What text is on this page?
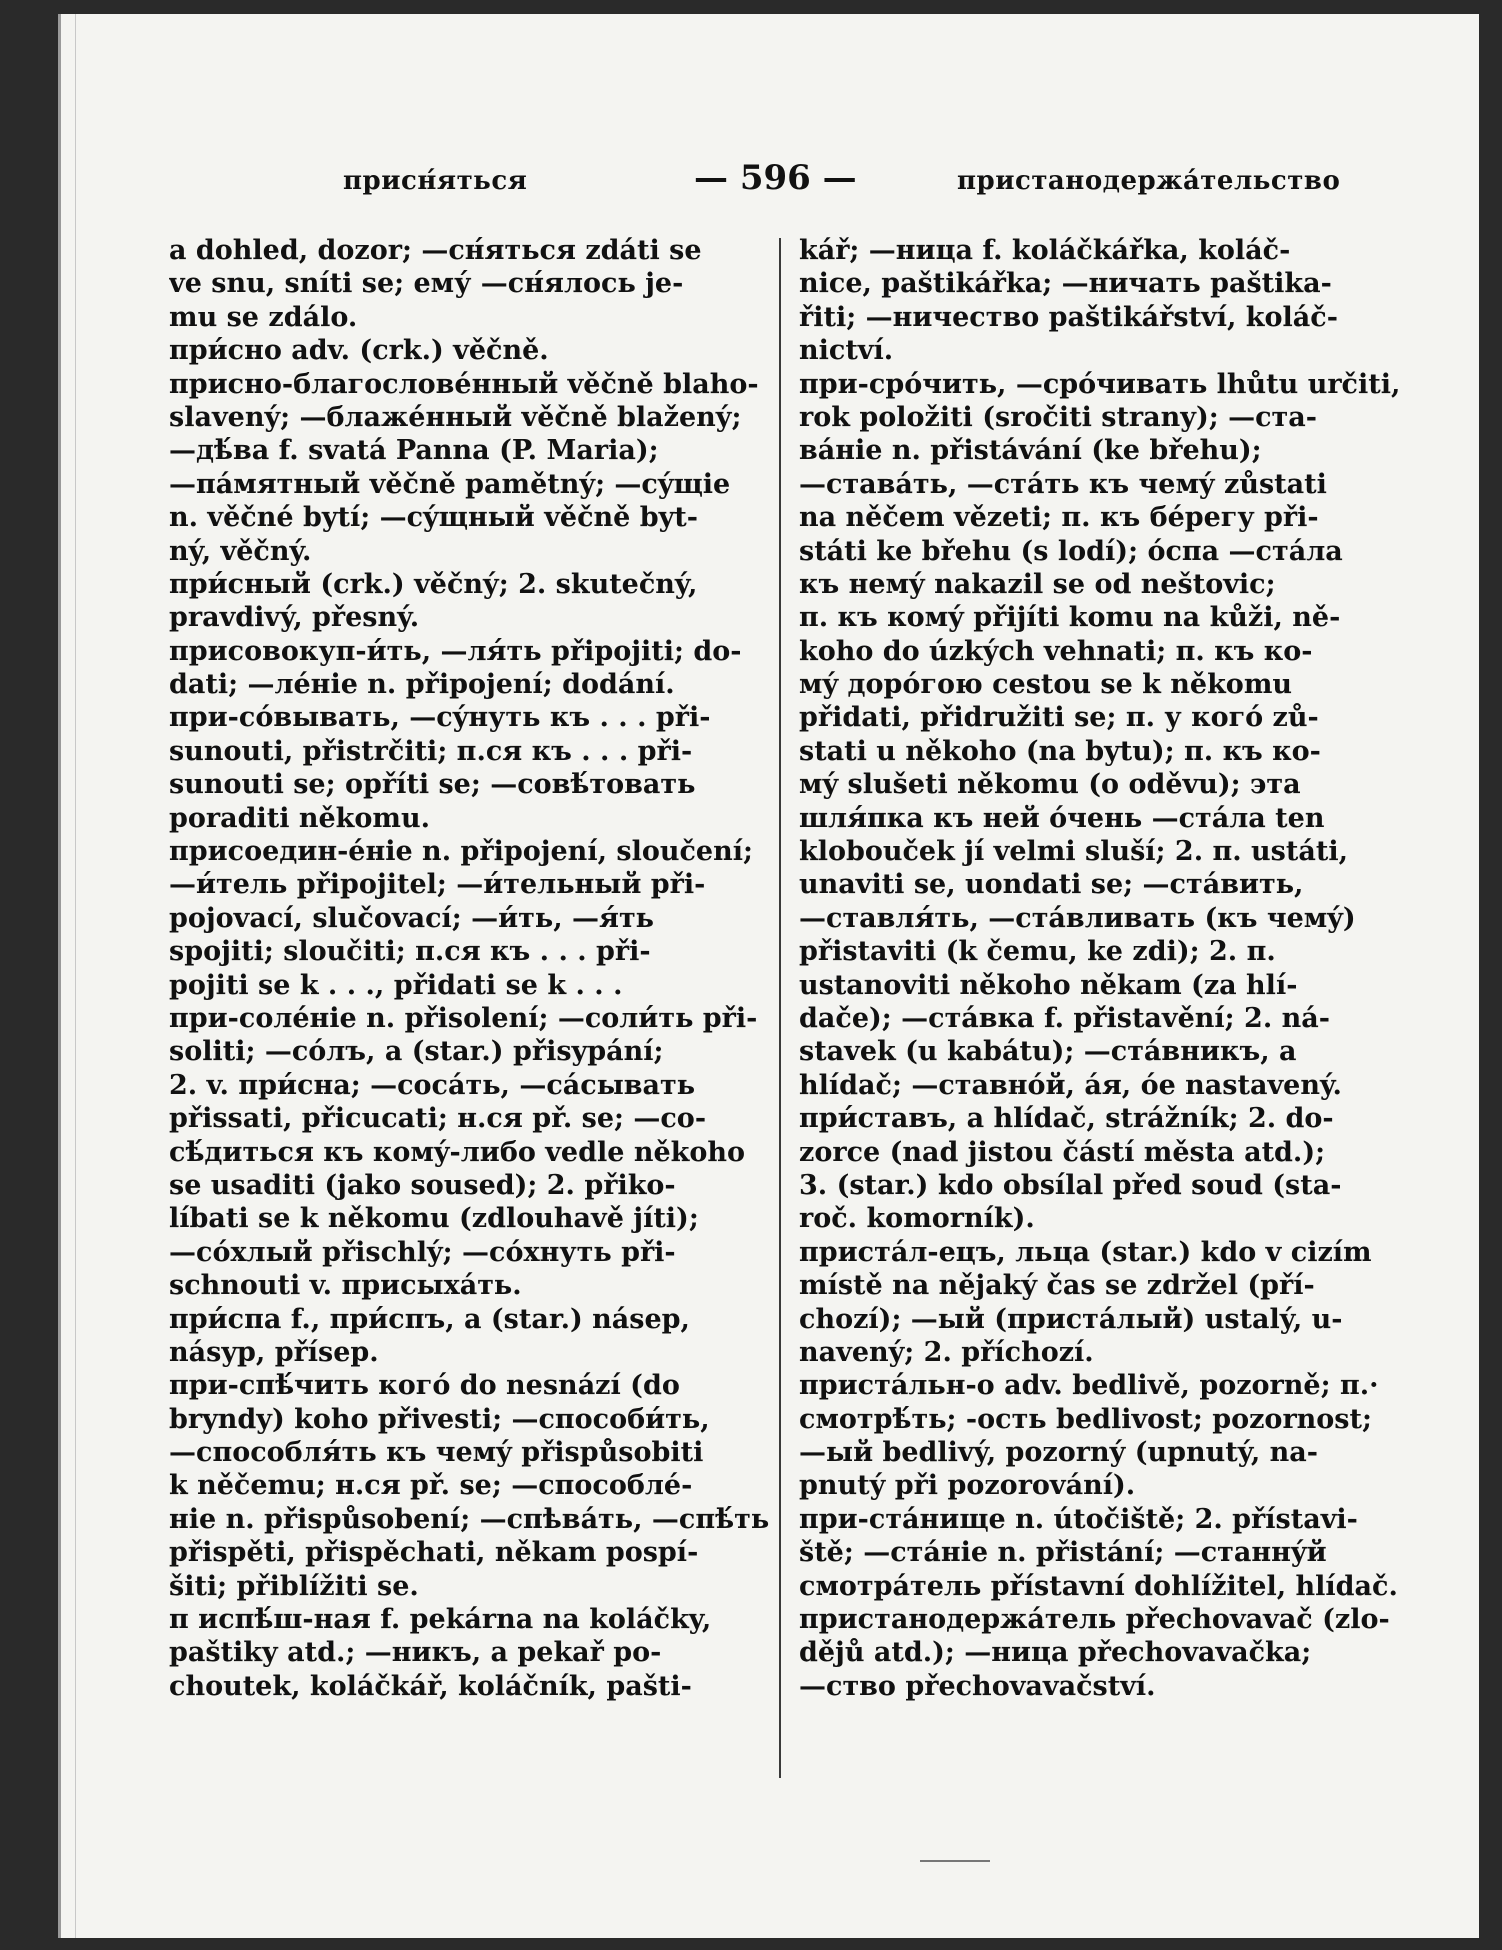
присн́яться	— 596 —	пристанодержáтельство
a dohled, dozor; —сн́яться zdáti se
ve snu, sníti se; ему́ —сн́ялось je-
mu se zdálo.
при́сно adv. (crk.) věčně.
присно-благословéнный věčně blaho-
slavený; —блажéнный věčně blažený;
—дѣ́ва f. svatá Panna (P. Maria);
—пáмятный věčně pamětný; —сýщіе
n. věčné bytí; —сýщный věčně byt-
ný, věčný.
при́сный (crk.) věčný; 2. skutečný,
pravdivý, přesný.
присовокуп-и́ть, —ля́ть připojiti; do-
dati; —лéніе n. připojení; dodání.
при-сóвывать, —сýнуть къ . . . při-
sunouti, přistrčiti; п.ся къ . . . při-
sunouti se; opříti se; —совѣ́товать
poraditi někomu.
присоедин-éніе n. připojení, sloučení;
—и́тель připojitel; —и́тельный při-
pojovací, slučovací; —и́ть, —я́ть
spojiti; sloučiti; п.ся къ . . . při-
pojiti se k . . ., přidati se k . . .
при-солéніе n. přisolení; —соли́ть při-
soliti; —сóлъ, a (star.) přisypání;
2. v. при́сна; —сосáть, —сáсывать
přissati, přicucati; н.ся př. se; —со-
сѣ́диться къ комý-либо vedle někoho
se usaditi (jako soused); 2. přiko-
líbati se k někomu (zdlouhavě jíti);
—сóхлый přischlý; —сóхнуть při-
schnouti v. присыхáть.
при́спа f., при́спъ, a (star.) násep,
násyp, přísep.
при-спѣ́чить когó do nesnází (do
bryndy) koho přivesti; —способи́ть,
—способля́ть къ чемý přispůsobiti
k něčemu; н.ся př. se; —способлé-
ніе n. přispůsobení; —спѣвáть, —спѣ́ть
přispěti, přispěchati, někam pospí-
šiti; přiblížiti se.
п испѣ́ш-ная f. pekárna na koláčky,
paštiky atd.; —никъ, a pekař po-
choutek, koláčkář, koláčník, pašti-
kář; —ница f. koláčkářka, koláč-
nice, paštikářka; —ничать paštika-
řiti; —ничество paštikářství, koláč-
nictví.
при-срóчить, —срóчивать lhůtu určiti,
rok položiti (sročiti strany); —ста-
вáніе n. přistávání (ke břehu);
—ставáть, —стáть къ чемý zůstati
na něčem vězeti; п. къ бéрегу při-
státi ke břehu (s lodí); óспа —стáла
къ немý nakazil se od neštovic;
п. къ комý přijíti komu na kůži, ně-
koho do úzkých vehnati; п. къ ко-
мý дорóгою cestou se k někomu
přidati, přidružiti se; п. у когó zů-
stati u někoho (na bytu); п. къ ко-
мý slušeti někomu (o oděvu); эта
шля́пка къ ней óчень —стáла ten
klobouček jí velmi sluší; 2. п. ustáti,
unaviti se, uondati se; —стáвить,
—ставля́ть, —стáвливать (къ чемý)
přistaviti (k čemu, ke zdi); 2. п.
ustanoviti někoho někam (za hlí-
dače); —стáвка f. přistavění; 2. ná-
stavek (u kabátu); —стáвникъ, a
hlídač; —ставнóй, áя, óе nastavený.
при́ставъ, a hlídač, strážník; 2. do-
zorce (nad jistou částí města atd.);
3. (star.) kdo obsílal před soud (sta-
roč. komorník).
пристáл-ецъ, льца (star.) kdo v cizím
místě na nějaký čas se zdržel (pří-
chozí); —ый (пристáлый) ustalý, u-
navený; 2. příchozí.
пристáльн-о adv. bedlivě, pozorně; п.·
смотрѣ́ть; -ость bedlivost; pozornost;
—ый bedlivý, pozorný (upnutý, na-
pnutý při pozorování).
при-стáнище n. útočiště; 2. přístavi-
ště; —стáніе n. přistání; —станнýй
смотрáтель přístavní dohlížitel, hlídač.
пристанодержáтель přechovavač (zlo-
dějů atd.); —ница přechovavačka;
—ство přechovavačství.
